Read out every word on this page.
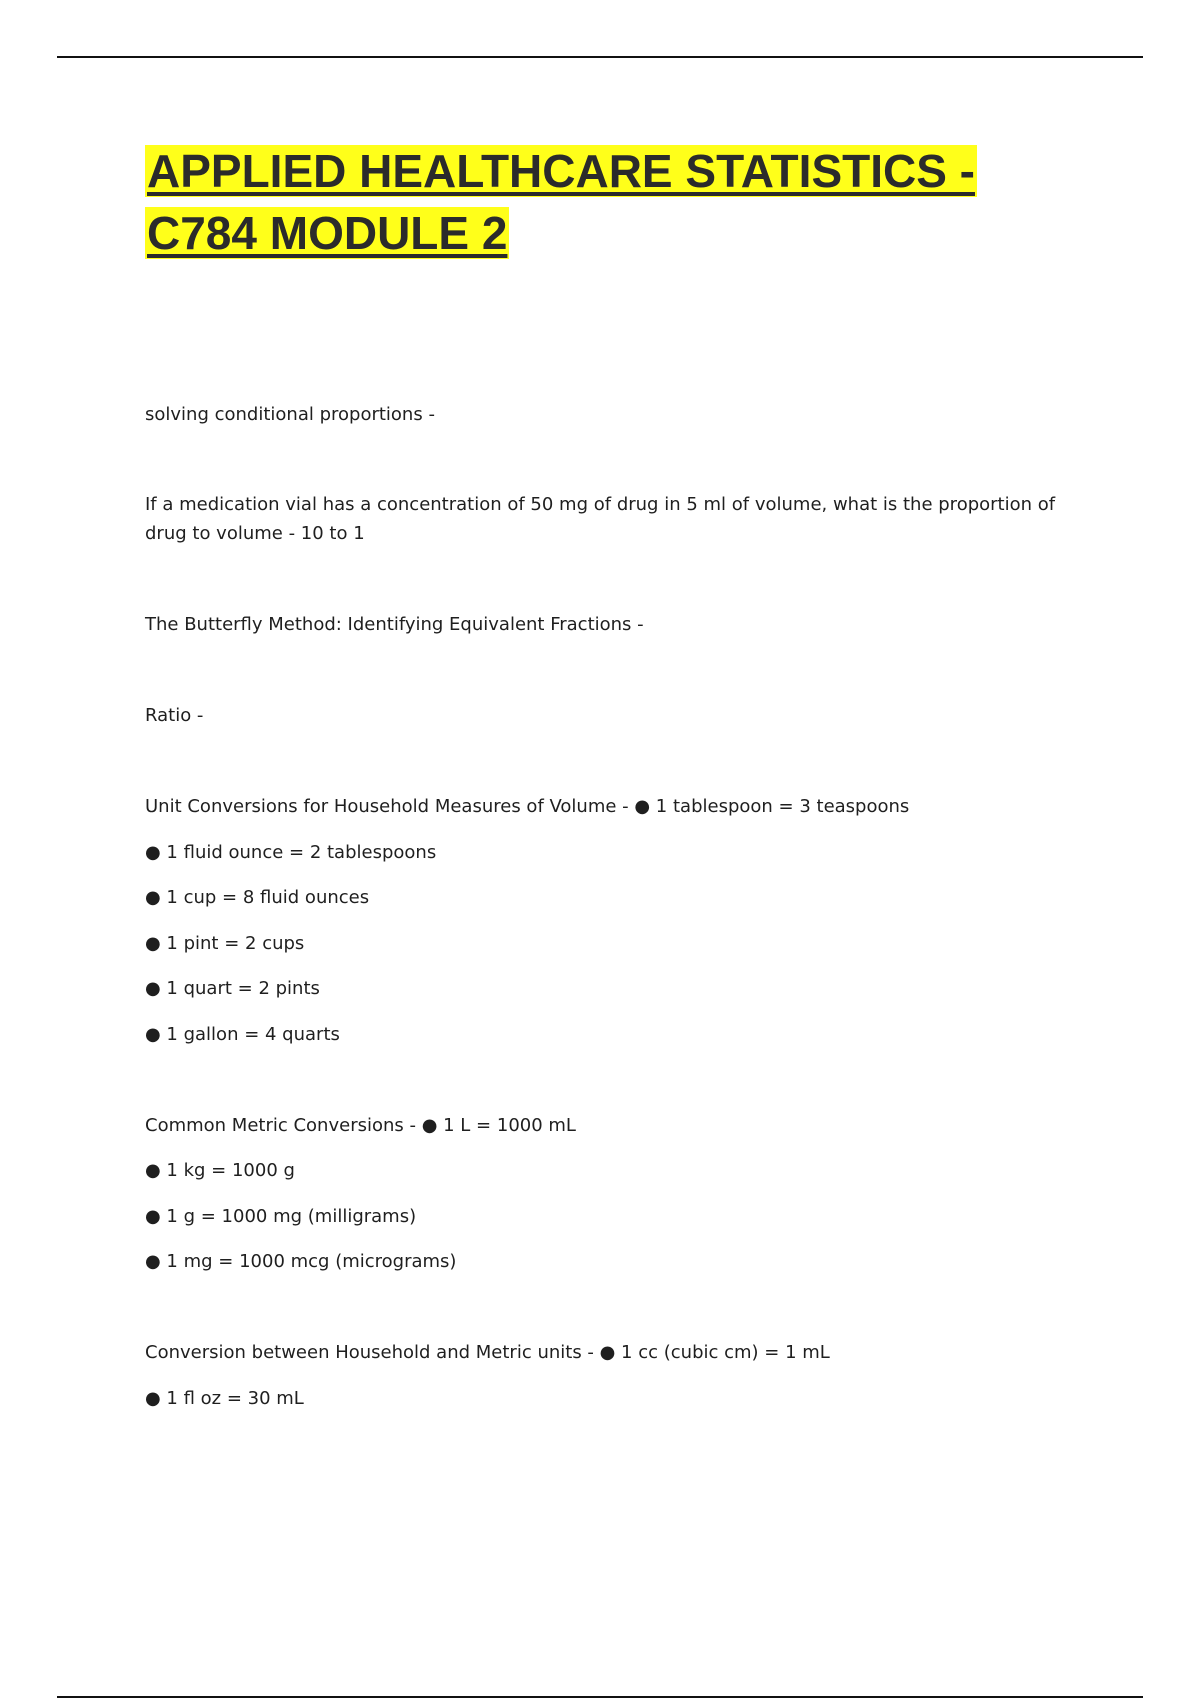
APPLIED HEALTHCARE STATISTICS -
C784 MODULE 2

solving conditional proportions -

If a medication vial has a concentration of 50 mg of drug in 5 ml of volume, what is the proportion of drug to volume - 10 to 1

The Butterfly Method: Identifying Equivalent Fractions -

Ratio -

Unit Conversions for Household Measures of Volume - ● 1 tablespoon = 3 teaspoons

● 1 fluid ounce = 2 tablespoons

● 1 cup = 8 fluid ounces

● 1 pint = 2 cups

● 1 quart = 2 pints

● 1 gallon = 4 quarts

Common Metric Conversions - ● 1 L = 1000 mL

● 1 kg = 1000 g

● 1 g = 1000 mg (milligrams)

● 1 mg = 1000 mcg (micrograms)

Conversion between Household and Metric units - ● 1 cc (cubic cm) = 1 mL

● 1 fl oz = 30 mL
